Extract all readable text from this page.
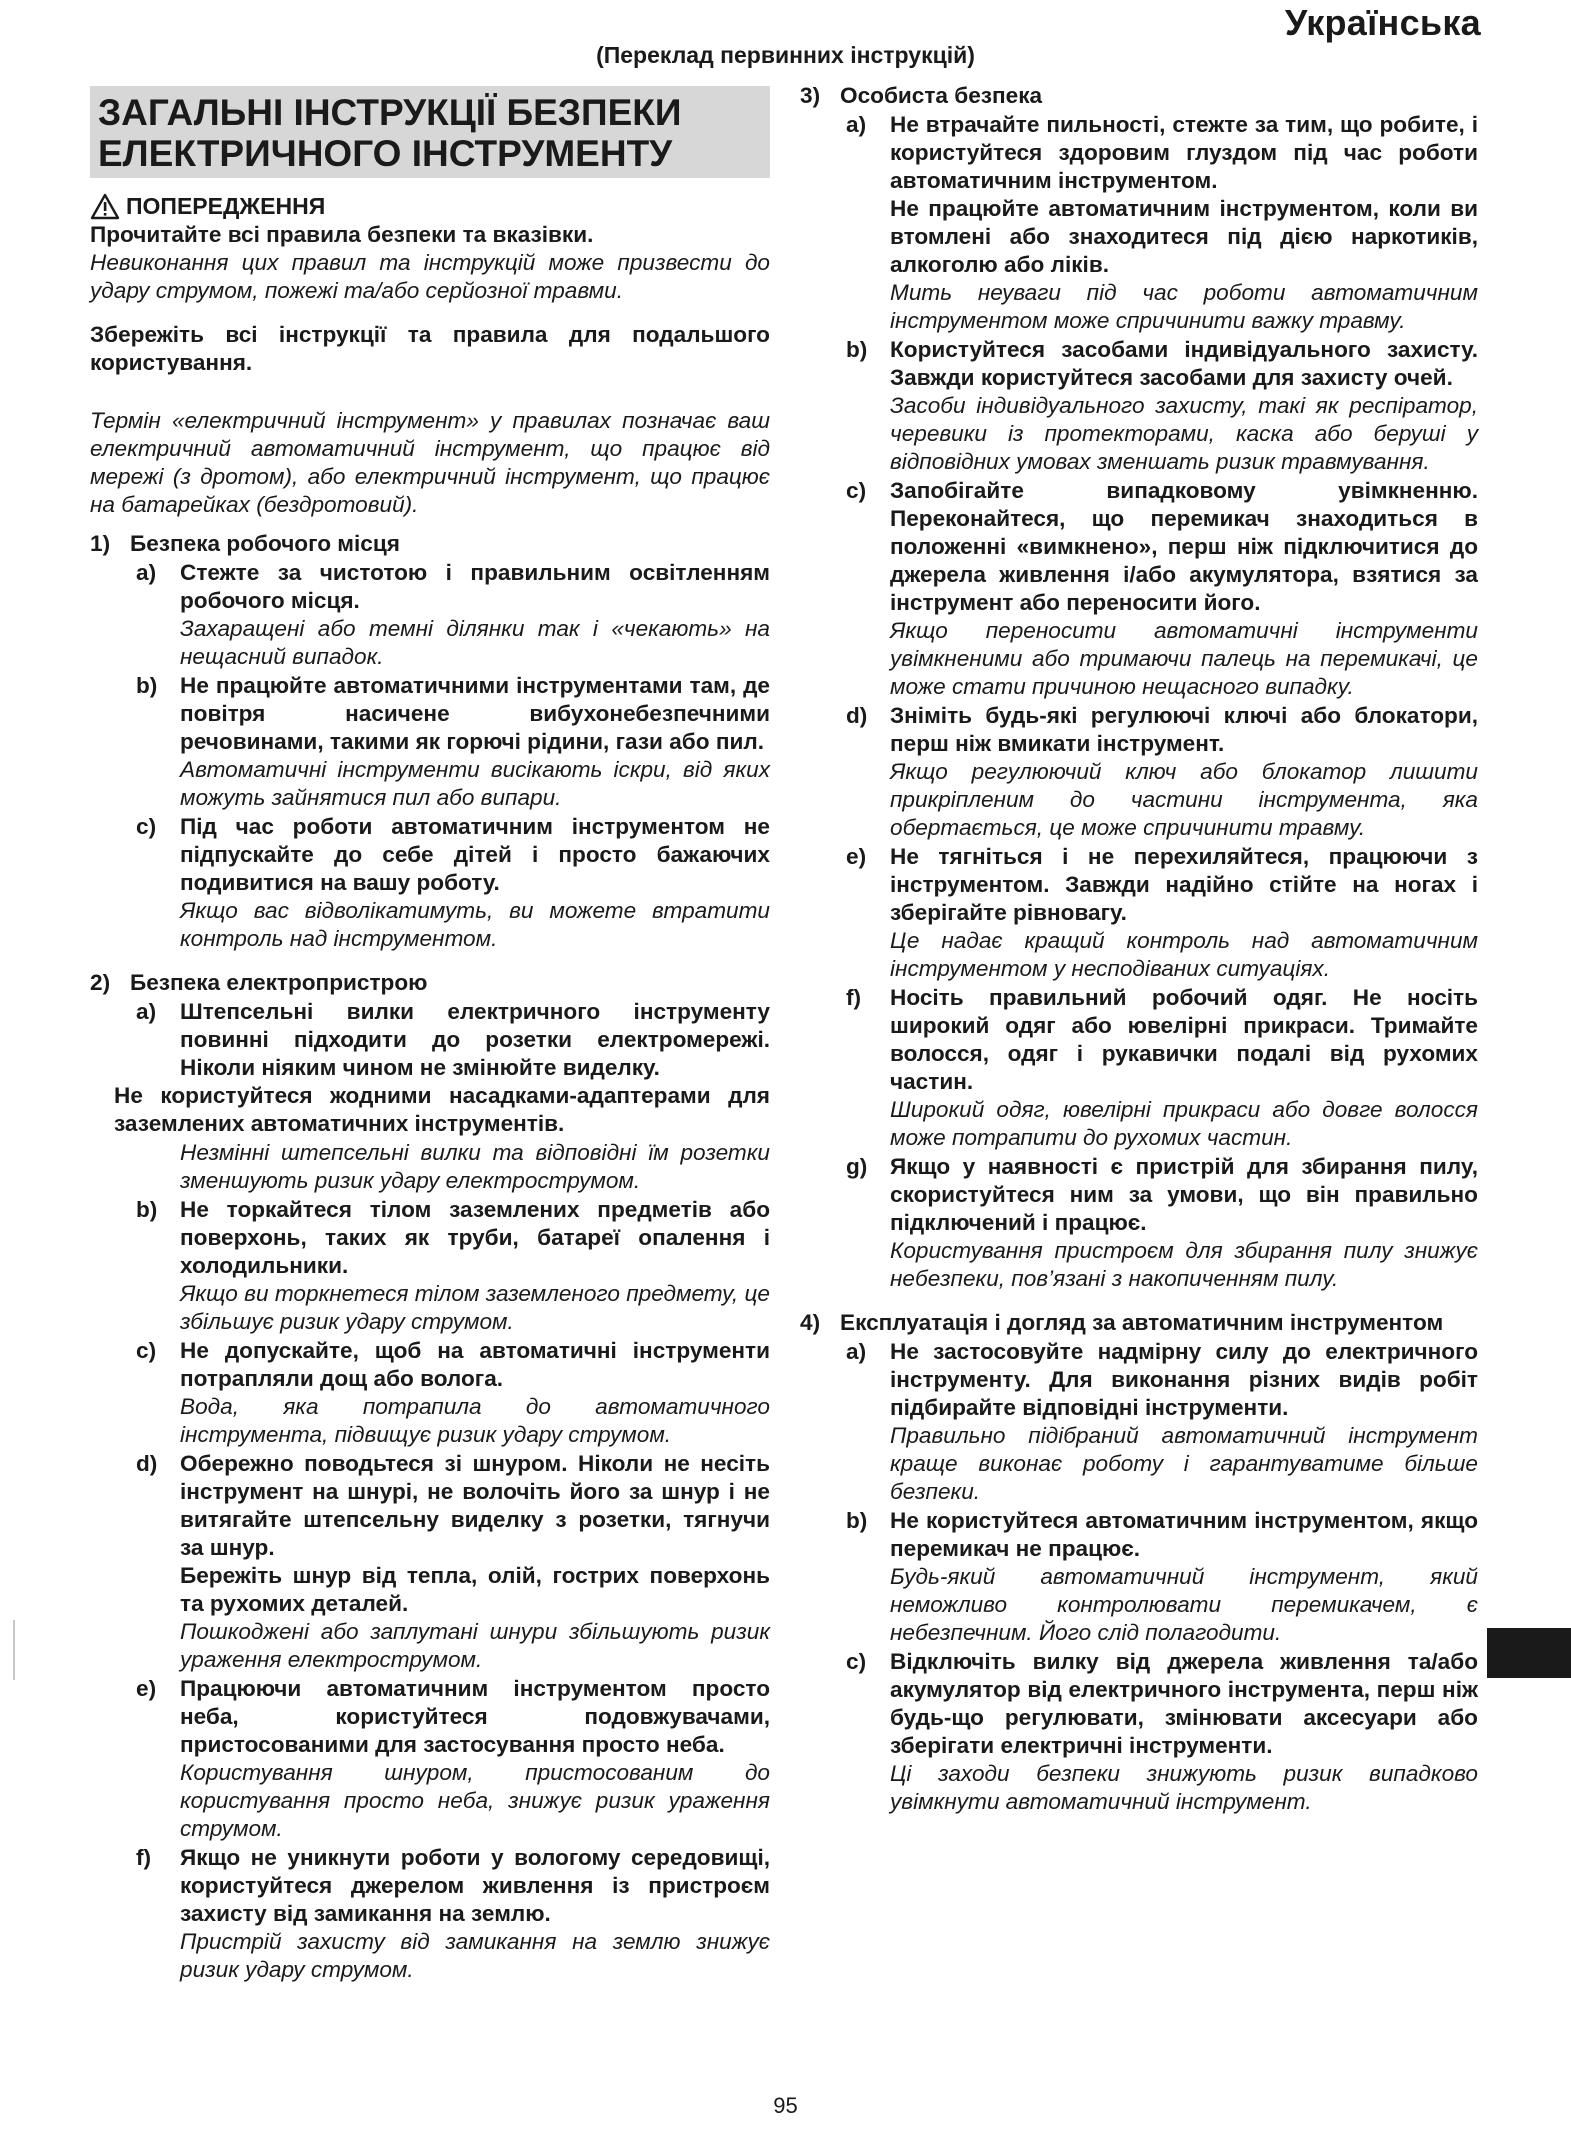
Українська
(Переклад первинних інструкцій)
ЗАГАЛЬНІ ІНСТРУКЦІЇ БЕЗПЕКИ
ЕЛЕКТРИЧНОГО ІНСТРУМЕНТУ
ПОПЕРЕДЖЕННЯ
Прочитайте всі правила безпеки та вказівки.
Невиконання цих правил та інструкцій може призвести до удару струмом, пожежі та/або серйозної травми.
Збережіть всі інструкції та правила для подальшого користування.
Термін «електричний інструмент» у правилах позначає ваш електричний автоматичний інструмент, що працює від мережі (з дротом), або електричний інструмент, що працює на батарейках (бездротовий).
1) Безпека робочого місця
a)	Стежте за чистотою і правильним освітленням робочого місця.
Захаращені або темні ділянки так і «чекають» на нещасний випадок.
b)	Не працюйте автоматичними інструментами там, де повітря насичене вибухонебезпечними речовинами, такими як горючі рідини, гази або пил.
Автоматичні інструменти висікають іскри, від яких можуть зайнятися пил або випари.
c)	Під час роботи автоматичним інструментом не підпускайте до себе дітей і просто бажаючих подивитися на вашу роботу.
Якщо вас відволікатимуть, ви можете втратити контроль над інструментом.
2) Безпека електропристрою
a)	Штепсельні вилки електричного інструменту повинні підходити до розетки електромережі. Ніколи ніяким чином не змінюйте виделку.
Не користуйтеся жодними насадками-адаптерами для заземлених автоматичних інструментів.
Незмінні штепсельні вилки та відповідні їм розетки зменшують ризик удару електрострумом.
b)	Не торкайтеся тілом заземлених предметів або поверхонь, таких як труби, батареї опалення і холодильники.
Якщо ви торкнетеся тілом заземленого предмету, це збільшує ризик удару струмом.
c)	Не допускайте, щоб на автоматичні інструменти потрапляли дощ або волога.
Вода, яка потрапила до автоматичного інструмента, підвищує ризик удару струмом.
d)	Обережно поводьтеся зі шнуром. Ніколи не несіть інструмент на шнурі, не волочіть його за шнур і не витягайте штепсельну виделку з розетки, тягнучи за шнур.
Бережіть шнур від тепла, олій, гострих поверхонь та рухомих деталей.
Пошкоджені або заплутані шнури збільшують ризик ураження електрострумом.
e)	Працюючи автоматичним інструментом просто неба, користуйтеся подовжувачами, пристосованими для застосування просто неба.
Користування шнуром, пристосованим до користування просто неба, знижує ризик ураження струмом.
f)	Якщо не уникнути роботи у вологому середовищі, користуйтеся джерелом живлення із пристроєм захисту від замикання на землю.
Пристрій захисту від замикання на землю знижує ризик удару струмом.
3) Особиста безпека
a)	Не втрачайте пильності, стежте за тим, що робите, і користуйтеся здоровим глуздом під час роботи автоматичним інструментом.
Не працюйте автоматичним інструментом, коли ви втомлені або знаходитеся під дією наркотиків, алкоголю або ліків.
Мить неуваги під час роботи автоматичним інструментом може спричинити важку травму.
b)	Користуйтеся засобами індивідуального захисту. Завжди користуйтеся засобами для захисту очей.
Засоби індивідуального захисту, такі як респіратор, черевики із протекторами, каска або беруші у відповідних умовах зменшать ризик травмування.
c)	Запобігайте випадковому увімкненню. Переконайтеся, що перемикач знаходиться в положенні «вимкнено», перш ніж підключитися до джерела живлення і/або акумулятора, взятися за інструмент або переносити його.
Якщо переносити автоматичні інструменти увімкненими або тримаючи палець на перемикачі, це може стати причиною нещасного випадку.
d)	Зніміть будь-які регулюючі ключі або блокатори, перш ніж вмикати інструмент.
Якщо регулюючий ключ або блокатор лишити прикріпленим до частини інструмента, яка обертається, це може спричинити травму.
e)	Не тягніться і не перехиляйтеся, працюючи з інструментом. Завжди надійно стійте на ногах і зберігайте рівновагу.
Це надає кращий контроль над автоматичним інструментом у несподіваних ситуаціях.
f)	Носіть правильний робочий одяг. Не носіть широкий одяг або ювелірні прикраси. Тримайте волосся, одяг і рукавички подалі від рухомих частин.
Широкий одяг, ювелірні прикраси або довге волосся може потрапити до рухомих частин.
g)	Якщо у наявності є пристрій для збирання пилу, скористуйтеся ним за умови, що він правильно підключений і працює.
Користування пристроєм для збирання пилу знижує небезпеки, пов’язані з накопиченням пилу.
4) Експлуатація і догляд за автоматичним інструментом
a)	Не застосовуйте надмірну силу до електричного інструменту. Для виконання різних видів робіт підбирайте відповідні інструменти.
Правильно підібраний автоматичний інструмент краще виконає роботу і гарантуватиме більше безпеки.
b)	Не користуйтеся автоматичним інструментом, якщо перемикач не працює.
Будь-який автоматичний інструмент, який неможливо контролювати перемикачем, є небезпечним. Його слід полагодити.
c)	Відключіть вилку від джерела живлення та/або акумулятор від електричного інструмента, перш ніж будь-що регулювати, змінювати аксесуари або зберігати електричні інструменти.
Ці заходи безпеки знижують ризик випадково увімкнути автоматичний інструмент.
95
